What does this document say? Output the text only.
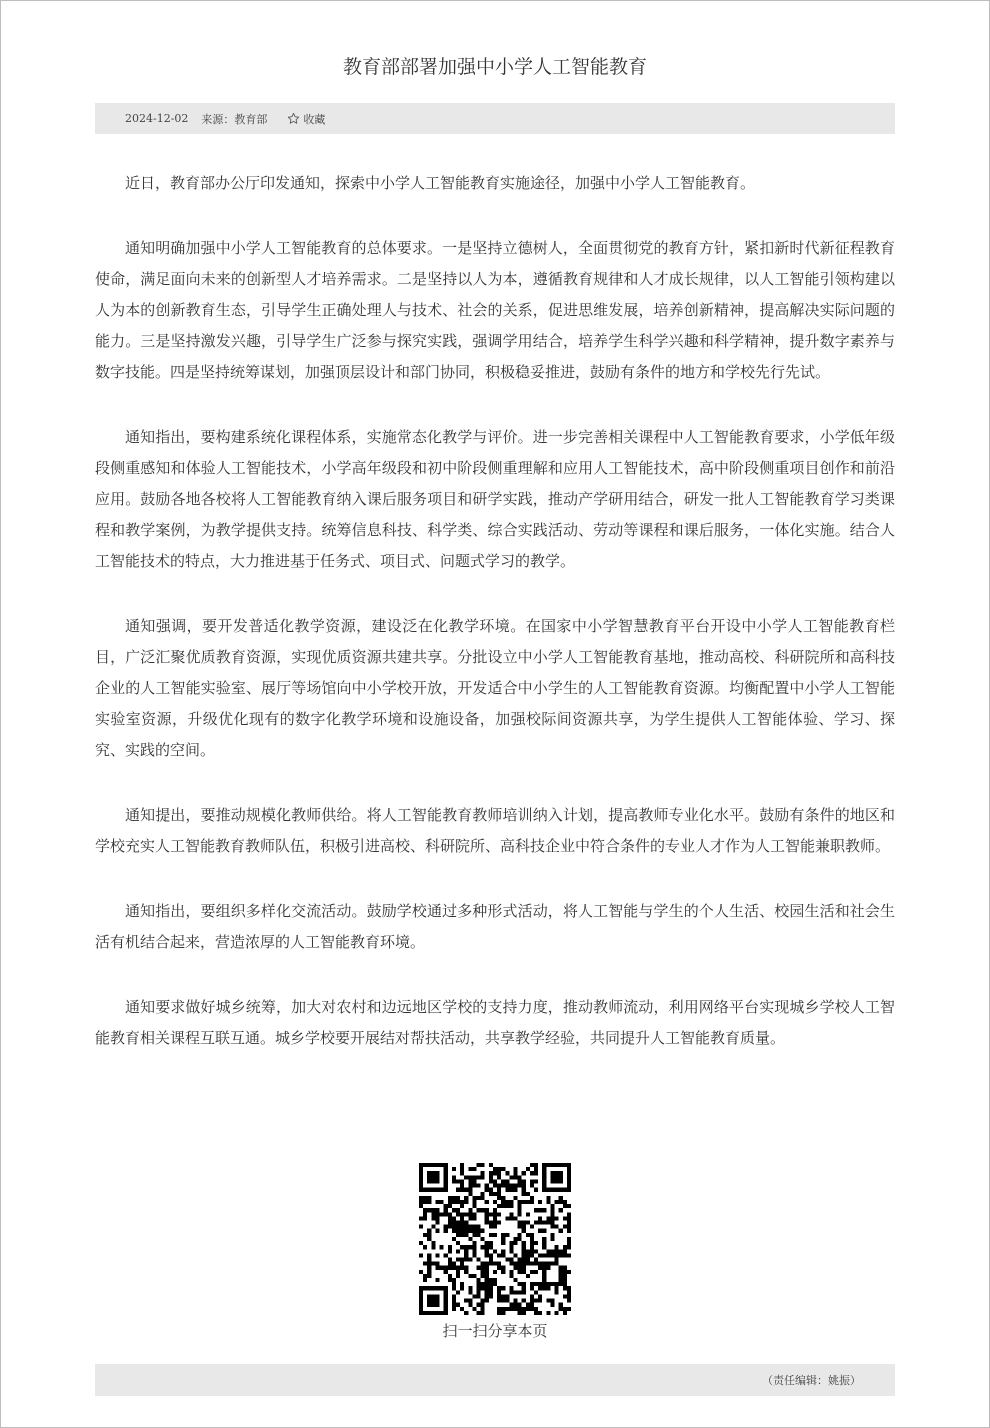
教育部部署加强中小学人工智能教育
2024-12-02 来源：教育部	收藏

近日，教育部办公厅印发通知，探索中小学人工智能教育实施途径，加强中小学人工智能教育。

通知明确加强中小学人工智能教育的总体要求。一是坚持立德树人，全面贯彻党的教育方针，紧扣新时代新征程教育使命，满足面向未来的创新型人才培养需求。二是坚持以人为本，遵循教育规律和人才成长规律，以人工智能引领构建以人为本的创新教育生态，引导学生正确处理人与技术、社会的关系，促进思维发展，培养创新精神，提高解决实际问题的能力。三是坚持激发兴趣，引导学生广泛参与探究实践，强调学用结合，培养学生科学兴趣和科学精神，提升数字素养与数字技能。四是坚持统筹谋划，加强顶层设计和部门协同，积极稳妥推进，鼓励有条件的地方和学校先行先试。

通知指出，要构建系统化课程体系，实施常态化教学与评价。进一步完善相关课程中人工智能教育要求，小学低年级段侧重感知和体验人工智能技术，小学高年级段和初中阶段侧重理解和应用人工智能技术，高中阶段侧重项目创作和前沿应用。鼓励各地各校将人工智能教育纳入课后服务项目和研学实践，推动产学研用结合，研发一批人工智能教育学习类课程和教学案例，为教学提供支持。统筹信息科技、科学类、综合实践活动、劳动等课程和课后服务，一体化实施。结合人工智能技术的特点，大力推进基于任务式、项目式、问题式学习的教学。

通知强调，要开发普适化教学资源，建设泛在化教学环境。在国家中小学智慧教育平台开设中小学人工智能教育栏目，广泛汇聚优质教育资源，实现优质资源共建共享。分批设立中小学人工智能教育基地，推动高校、科研院所和高科技企业的人工智能实验室、展厅等场馆向中小学校开放，开发适合中小学生的人工智能教育资源。均衡配置中小学人工智能实验室资源，升级优化现有的数字化教学环境和设施设备，加强校际间资源共享，为学生提供人工智能体验、学习、探究、实践的空间。

通知提出，要推动规模化教师供给。将人工智能教育教师培训纳入计划，提高教师专业化水平。鼓励有条件的地区和学校充实人工智能教育教师队伍，积极引进高校、科研院所、高科技企业中符合条件的专业人才作为人工智能兼职教师。

通知指出，要组织多样化交流活动。鼓励学校通过多种形式活动，将人工智能与学生的个人生活、校园生活和社会生活有机结合起来，营造浓厚的人工智能教育环境。

通知要求做好城乡统筹，加大对农村和边远地区学校的支持力度，推动教师流动，利用网络平台实现城乡学校人工智能教育相关课程互联互通。城乡学校要开展结对帮扶活动，共享教学经验，共同提升人工智能教育质量。

扫一扫分享本页
（责任编辑：姚振）
